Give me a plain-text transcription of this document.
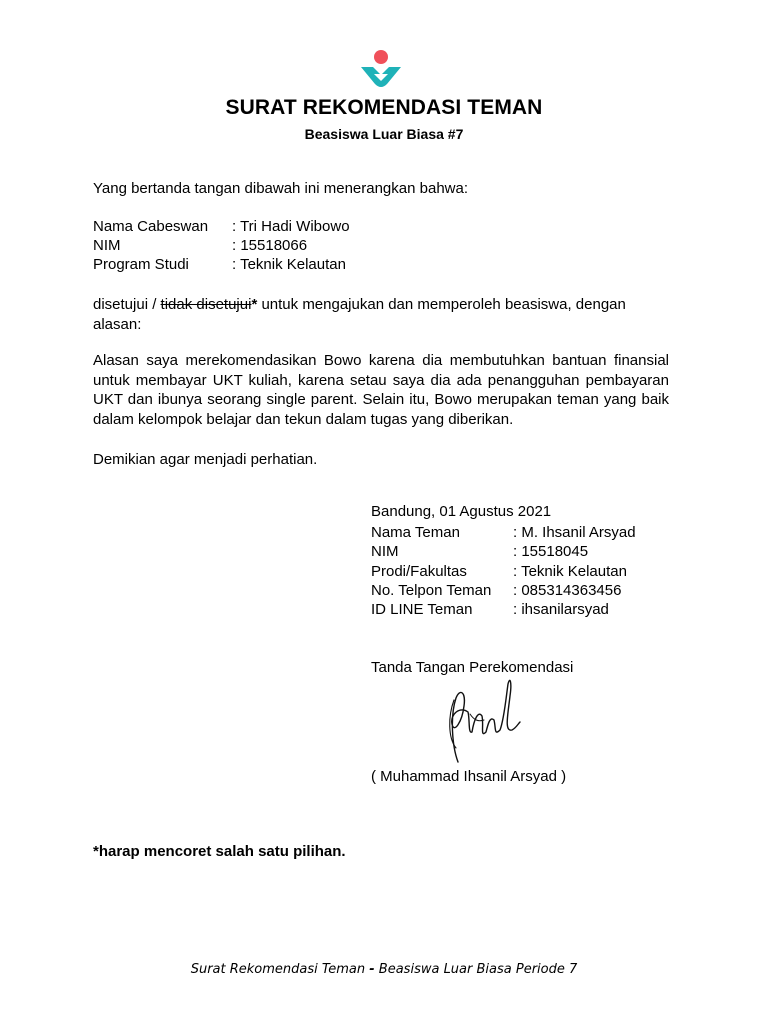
SURAT REKOMENDASI TEMAN
Beasiswa Luar Biasa #7
Yang bertanda tangan dibawah ini menerangkan bahwa:
Nama Cabeswan : Tri Hadi Wibowo
NIM	: 15518066
Program Studi	: Teknik Kelautan
disetujui / tidak disetujui* untuk mengajukan dan memperoleh beasiswa, dengan alasan:
Alasan saya merekomendasikan Bowo karena dia membutuhkan bantuan finansial untuk membayar UKT kuliah, karena setau saya dia ada penangguhan pembayaran UKT dan ibunya seorang single parent. Selain itu, Bowo merupakan teman yang baik dalam kelompok belajar dan tekun dalam tugas yang diberikan.
Demikian agar menjadi perhatian.
Bandung, 01 Agustus 2021
Nama Teman	: M. Ihsanil Arsyad
NIM	: 15518045
Prodi/Fakultas	: Teknik Kelautan
No. Telpon Teman : 085314363456
ID LINE Teman	: ihsanilarsyad
Tanda Tangan Perekomendasi
( Muhammad Ihsanil Arsyad )
*harap mencoret salah satu pilihan.
Surat Rekomendasi Teman - Beasiswa Luar Biasa Periode 7
